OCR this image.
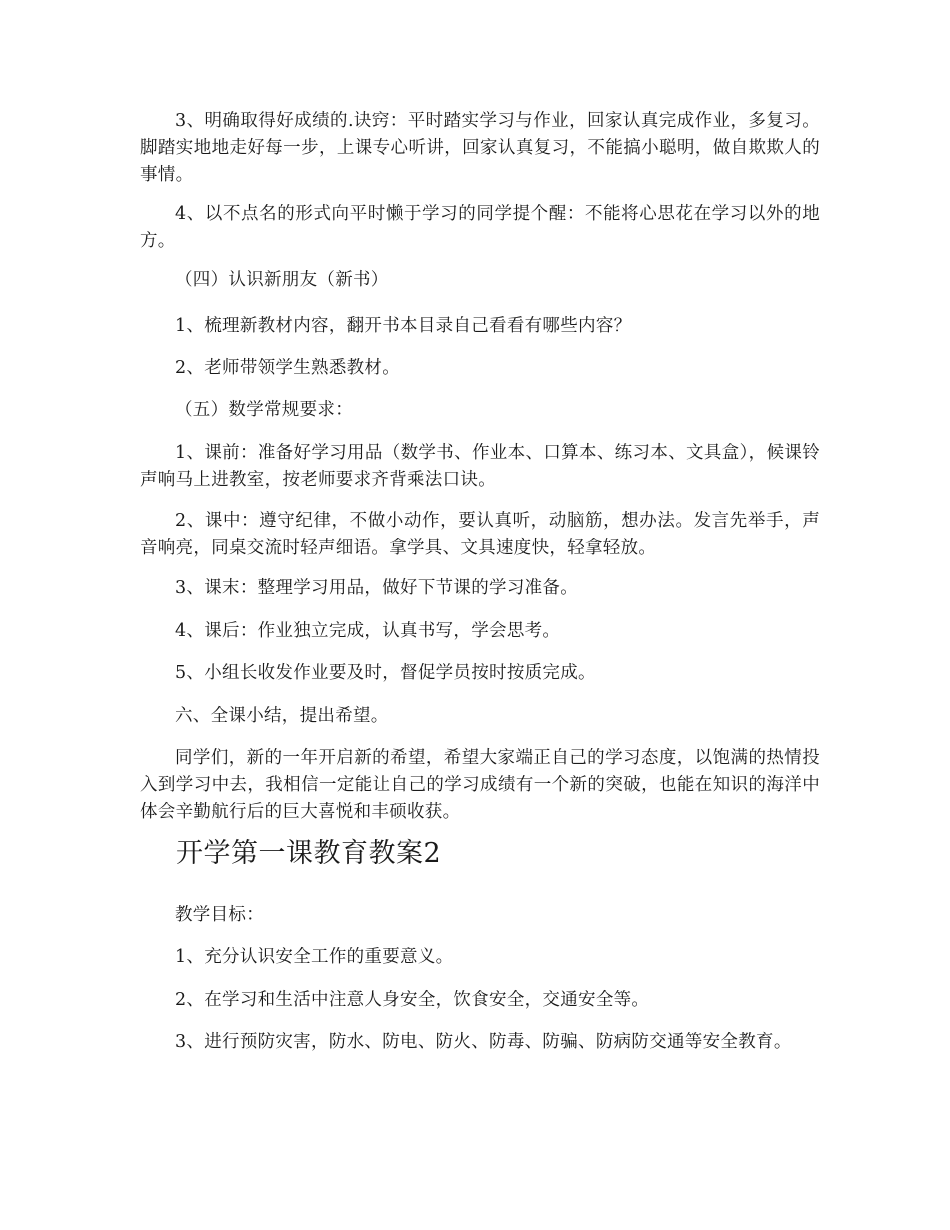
3、明确取得好成绩的.诀窍：平时踏实学习与作业，回家认真完成作业，多复习。脚踏实地地走好每一步，上课专心听讲，回家认真复习，不能搞小聪明，做自欺欺人的事情。

4、以不点名的形式向平时懒于学习的同学提个醒：不能将心思花在学习以外的地方。

（四）认识新朋友（新书）

1、梳理新教材内容，翻开书本目录自己看看有哪些内容？

2、老师带领学生熟悉教材。

（五）数学常规要求：

1、课前：准备好学习用品（数学书、作业本、口算本、练习本、文具盒），候课铃声响马上进教室，按老师要求齐背乘法口诀。

2、课中：遵守纪律，不做小动作，要认真听，动脑筋，想办法。发言先举手，声音响亮，同桌交流时轻声细语。拿学具、文具速度快，轻拿轻放。

3、课末：整理学习用品，做好下节课的学习准备。

4、课后：作业独立完成，认真书写，学会思考。

5、小组长收发作业要及时，督促学员按时按质完成。

六、全课小结，提出希望。

同学们，新的一年开启新的希望，希望大家端正自己的学习态度，以饱满的热情投入到学习中去，我相信一定能让自己的学习成绩有一个新的突破，也能在知识的海洋中体会辛勤航行后的巨大喜悦和丰硕收获。

开学第一课教育教案2

教学目标：

1、充分认识安全工作的重要意义。

2、在学习和生活中注意人身安全，饮食安全，交通安全等。

3、进行预防灾害，防水、防电、防火、防毒、防骗、防病防交通等安全教育。
